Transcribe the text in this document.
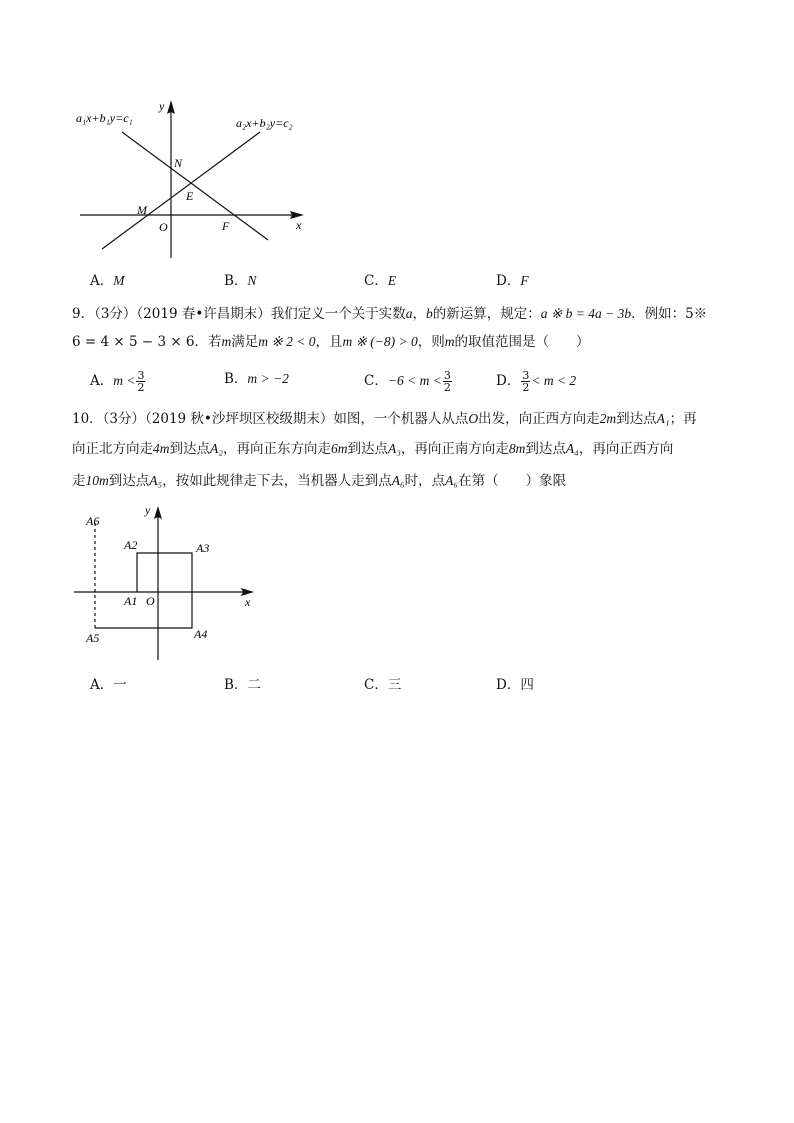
a₁x+b₁y=c₁	a₂x+b₂y=c₂
y
x
N
E
M
O	F
A．M	B．N	C．E	D．F
9．（3分）（2019 春•许昌期末）我们定义一个关于实数a，b的新运算，规定：a ※ b = 4a − 3b．例如：5※
6 = 4 × 5 − 3 × 6．若m满足m ※ 2 < 0，且m ※ (−8) > 0，则m的取值范围是（　　）
A．$m < \frac{3}{2}$	B．m > −2	C．$-6 < m < \frac{3}{2}$	D． $\frac{3}{2} < m < 2$
10．（3分）（2019 秋•沙坪坝区校级期末）如图，一个机器人从点O出发，向正西方向走2m到达点A₁；再
向正北方向走4m到达点A₂，再向正东方向走6m到达点A₃，再向正南方向走8m到达点A₄，再向正西方向
走10m到达点A₅，按如此规律走下去，当机器人走到点A₆时，点A₆在第（　　）象限
y
x
O
A1
A2	A3
A4
A5
A6
A．一	B．二	C．三	D．四
